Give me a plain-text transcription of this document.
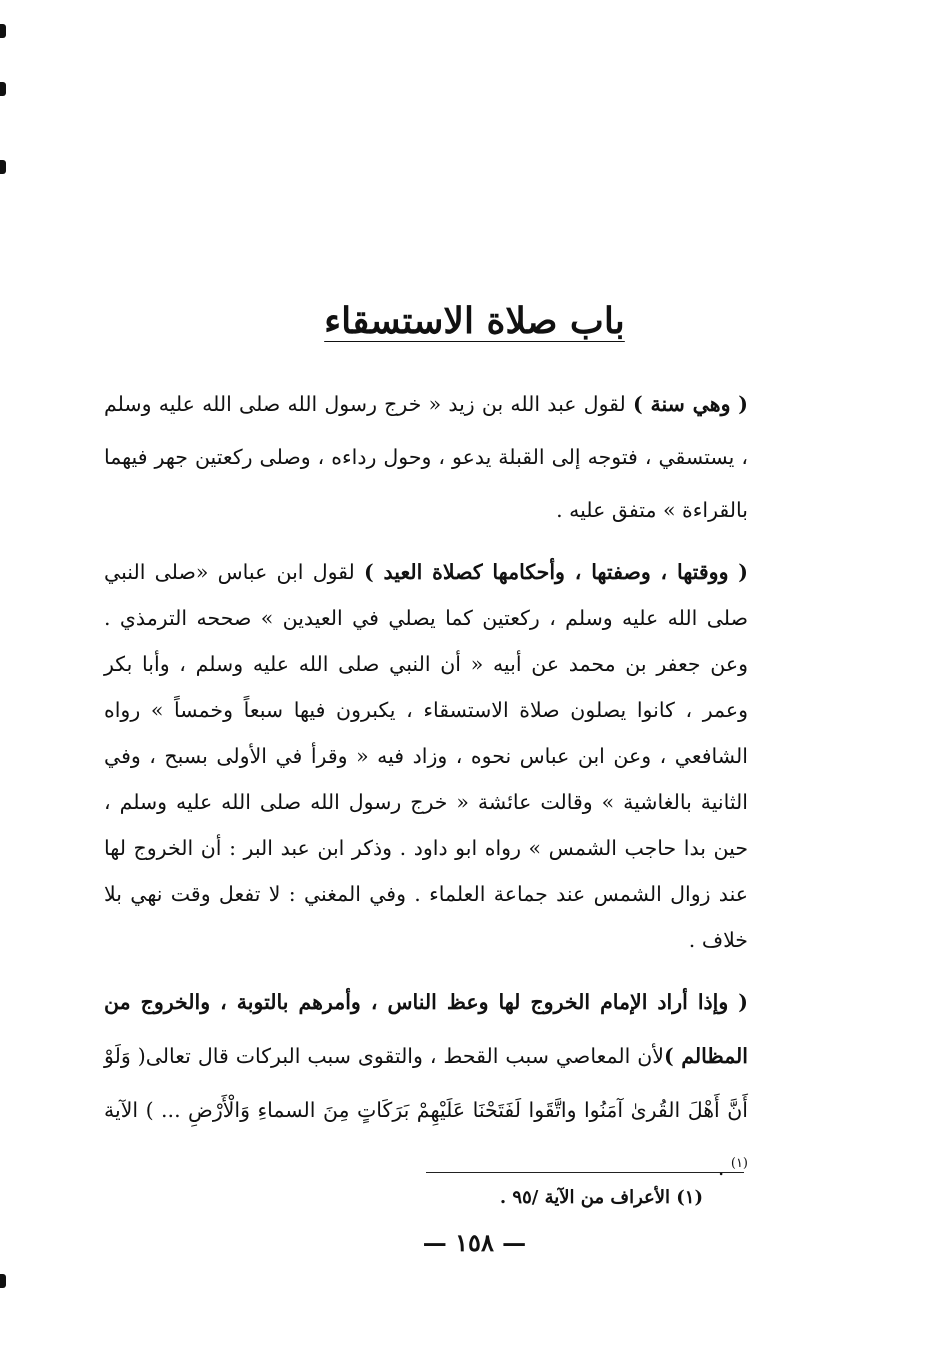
باب صلاة الاستسقاء

( وهي سنة ) لقول عبد الله بن زيد « خرج رسول الله صلى الله عليه وسلم ، يستسقي ، فتوجه إلى القبلة يدعو ، وحول رداءه ، وصلى ركعتين جهر فيهما بالقراءة » متفق عليه .

( ووقتها ، وصفتها ، وأحكامها كصلاة العيد ) لقول ابن عباس «صلى النبي صلى الله عليه وسلم ، ركعتين كما يصلي في العيدين » صححه الترمذي . وعن جعفر بن محمد عن أبيه « أن النبي صلى الله عليه وسلم ، وأبا بكر وعمر ، كانوا يصلون صلاة الاستسقاء ، يكبرون فيها سبعاً وخمساً » رواه الشافعي ، وعن ابن عباس نحوه ، وزاد فيه « وقرأ في الأولى بسبح ، وفي الثانية بالغاشية » وقالت عائشة « خرج رسول الله صلى الله عليه وسلم ، حين بدا حاجب الشمس » رواه ابو داود . وذكر ابن عبد البر : أن الخروج لها عند زوال الشمس عند جماعة العلماء . وفي المغني : لا تفعل وقت نهي بلا خلاف .

( وإذا أراد الإمام الخروج لها وعظ الناس ، وأمرهم بالتوبة ، والخروج من المظالم )لأن المعاصي سبب القحط ، والتقوى سبب البركات قال تعالى( وَلَوْ أَنَّ أَهْلَ القُرىٰ آمَنُوا واتَّقَوا لَفَتَحْنَا عَلَيْهِمْ بَرَكَاتٍ مِنَ السماءِ وَالْأَرْضِ ... ) الآية $^{(١)}$ .

(١) الأعراف من الآية /٩٥ .
— ١٥٨ —
